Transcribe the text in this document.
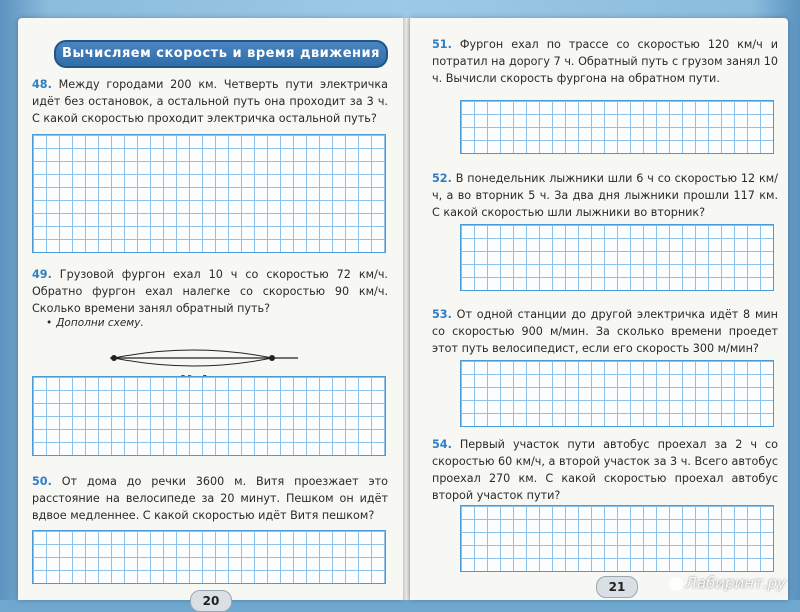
Вычисляем скорость и время движения
48. Между городами 200 км. Четверть пути электричка идёт без остановок, а остальной путь она проходит за 3 ч. С какой скоростью проходит электричка остальной путь?
49. Грузовой фургон ехал 10 ч со скоростью 72 км/ч. Обратно фургон ехал налегке со скоростью 90 км/ч. Сколько времени занял обратный путь?
• Дополни схему.
50. От дома до речки 3600 м. Витя проезжает это расстояние на велосипеде за 20 минут. Пешком он идёт вдвое медленнее. С какой скоростью идёт Витя пешком?
20
51. Фургон ехал по трассе со скоростью 120 км/ч и потратил на дорогу 7 ч. Обратный путь с грузом занял 10 ч. Вычисли скорость фургона на обратном пути.
52. В понедельник лыжники шли 6 ч со скоростью 12 км/ч, а во вторник 5 ч. За два дня лыжники прошли 117 км. С какой скоростью шли лыжники во вторник?
53. От одной станции до другой электричка идёт 8 мин со скоростью 900 м/мин. За сколько времени проедет этот путь велосипедист, если его скорость 300 м/мин?
54. Первый участок пути автобус проехал за 2 ч со скоростью 60 км/ч, а второй участок за 3 ч. Всего автобус проехал 270 км. С какой скоростью проехал автобус второй участок пути?
21	Лабиринт.ру
